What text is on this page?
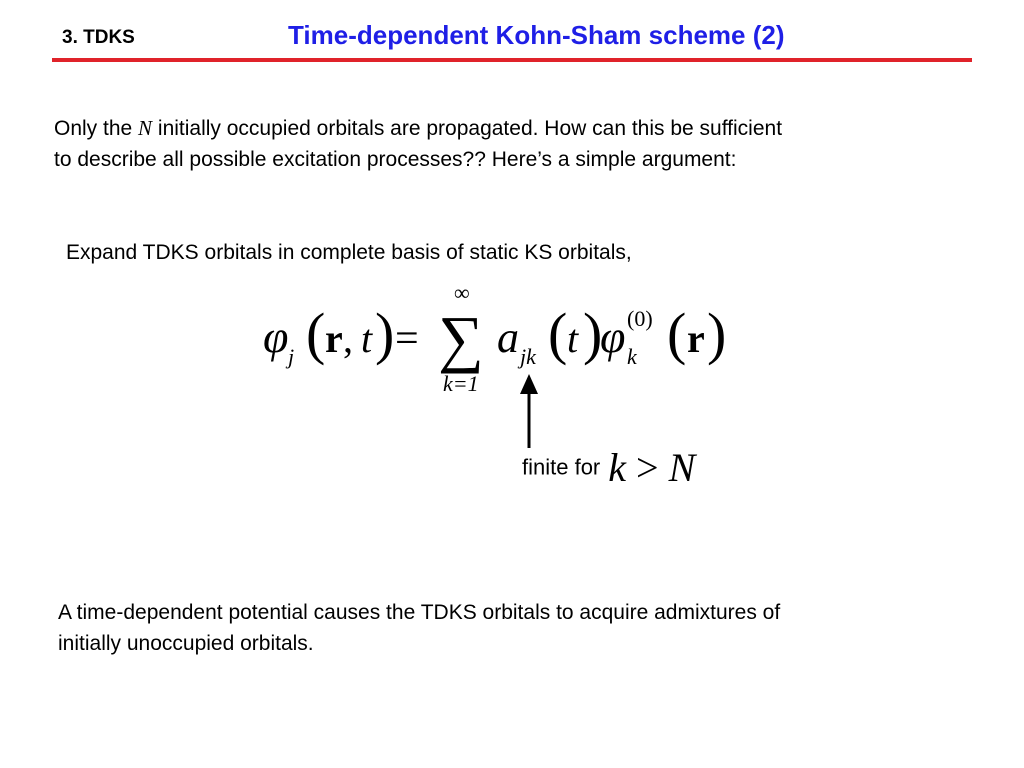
3. TDKS	Time-dependent Kohn-Sham scheme (2)
Only the N initially occupied orbitals are propagated. How can this be sufficient
to describe all possible excitation processes?? Here’s a simple argument:
Expand TDKS orbitals in complete basis of static KS orbitals,
φ j ( r , t ) =
∞
∑
k=1
a jk ( t )
φ (0)
k ( r )
finite for k > N
A time-dependent potential causes the TDKS orbitals to acquire admixtures of
initially unoccupied orbitals.
